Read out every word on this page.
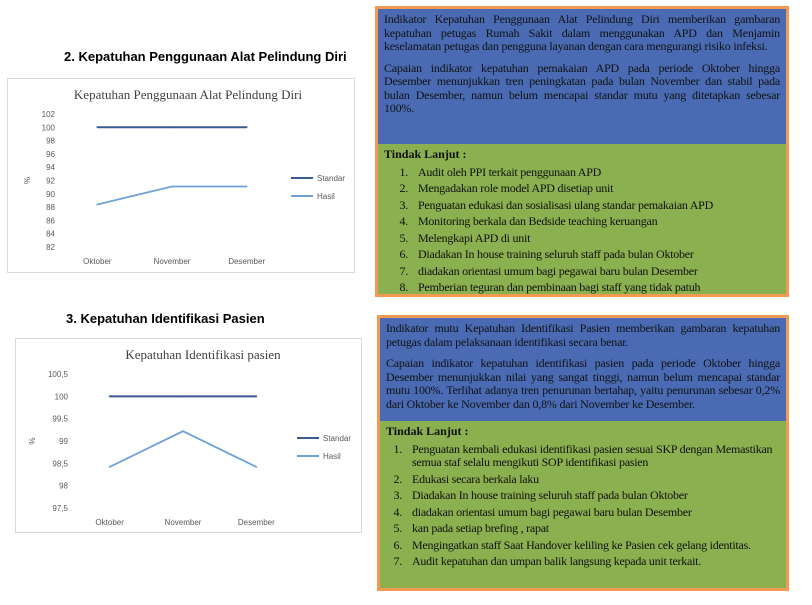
2. Kepatuhan Penggunaan Alat Pelindung Diri
Kepatuhan Penggunaan Alat Pelindung Diri
%
82
84
86
88
90
92
94
96
98
100
102
Oktober	November	Desember
Standar
Hasil

Indikator Kepatuhan Penggunaan Alat Pelindung Diri memberikan gambaran kepatuhan petugas Rumah Sakit dalam menggunakan APD dan Menjamin keselamatan petugas dan pengguna layanan dengan cara mengurangi risiko infeksi.

Capaian indikator kepatuhan pemakaian APD pada periode Oktober hingga Desember menunjukkan tren peningkatan pada bulan November dan stabil pada bulan Desember, namun belum mencapai standar mutu yang ditetapkan sebesar 100%.

Tindak Lanjut :
1. Audit oleh PPI terkait penggunaan APD
2. Mengadakan role model APD disetiap unit
3. Penguatan edukasi dan sosialisasi ulang standar pemakaian APD
4. Monitoring berkala dan Bedside teaching keruangan
5. Melengkapi APD di unit
6. Diadakan In house training seluruh staff pada bulan Oktober
7. diadakan orientasi umum bagi pegawai baru bulan Desember
8. Pemberian teguran dan pembinaan bagi staff yang tidak patuh
3. Kepatuhan Identifikasi Pasien
Kepatuhan Identifikasi pasien
%
97,5
98
98,5
99
99,5
100
100,5
Oktober	November	Desember
Standar
Hasil

Indikator mutu Kepatuhan Identifikasi Pasien memberikan gambaran kepatuhan petugas dalam pelaksanaan identifikasi secara benar.

Capaian indikator kepatuhan identifikasi pasien pada periode Oktober hingga Desember menunjukkan nilai yang sangat tinggi, namun belum mencapai standar mutu 100%. Terlihat adanya tren penurunan bertahap, yaitu penurunan sebesar 0,2% dari Oktober ke November dan 0,8% dari November ke Desember.

Tindak Lanjut :
1. Penguatan kembali edukasi identifikasi pasien sesuai SKP dengan Memastikan semua staf selalu mengikuti SOP identifikasi pasien
2. Edukasi secara berkala laku
3. Diadakan In house training seluruh staff pada bulan Oktober
4. diadakan orientasi umum bagi pegawai baru bulan Desember
5. kan pada setiap brefing , rapat
6. Mengingatkan staff Saat Handover keliling ke Pasien cek gelang identitas.
7. Audit kepatuhan dan umpan balik langsung kepada unit terkait.
